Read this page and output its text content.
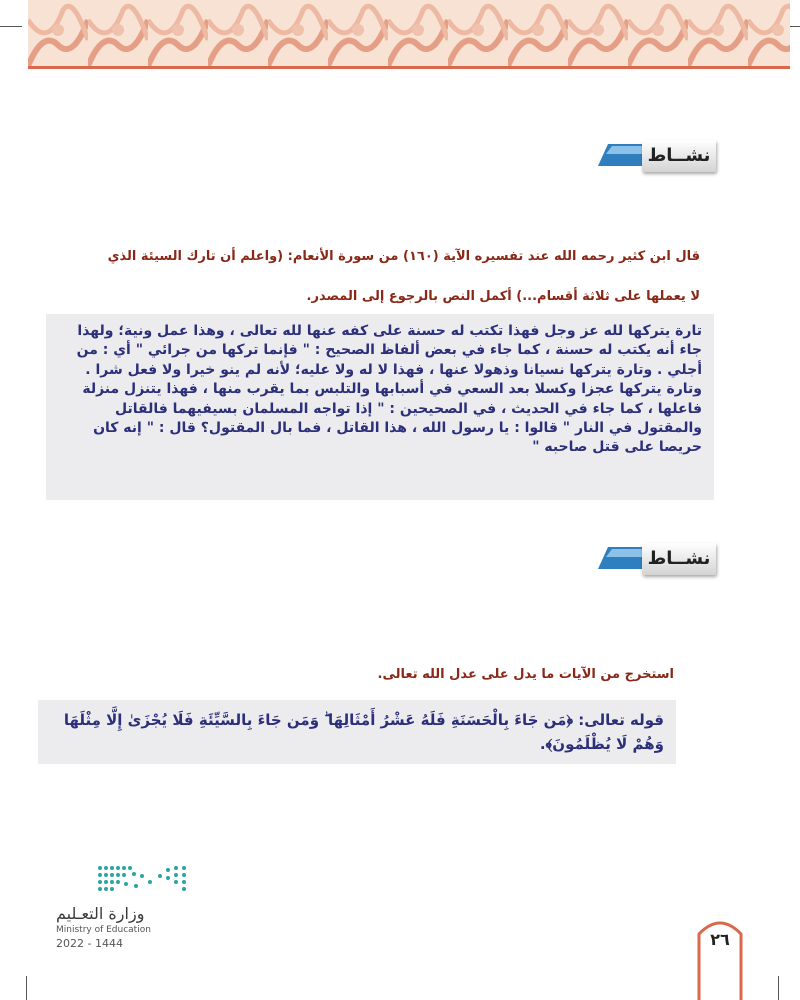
نشــاط
قال ابن كثير رحمه الله عند تفسيره الآية (١٦٠) من سورة الأنعام: (واعلم أن تارك السيئة الذي
لا يعملها على ثلاثة أقسام...) أكمل النص بالرجوع إلى المصدر.
تارة يتركها لله عز وجل فهذا تكتب له حسنة على كفه عنها لله تعالى ، وهذا عمل ونية؛ ولهذا جاء أنه يكتب له حسنة ، كما جاء في بعض ألفاظ الصحيح : " فإنما تركها من جرائي " أي : من أجلي . وتارة يتركها نسيانا وذهولا عنها ، فهذا لا له ولا عليه؛ لأنه لم ينو خيرا ولا فعل شرا . وتارة يتركها عجزا وكسلا بعد السعي في أسبابها والتلبس بما يقرب منها ، فهذا يتنزل منزلة فاعلها ، كما جاء في الحديث ، في الصحيحين : " إذا تواجه المسلمان بسيفيهما فالقاتل والمقتول في النار " قالوا : يا رسول الله ، هذا القاتل ، فما بال المقتول؟ قال : " إنه كان حريصا على قتل صاحبه "
نشــاط
استخرج من الآيات ما يدل على عدل الله تعالى.
قوله تعالى: ﴿مَن جَاءَ بِالْحَسَنَةِ فَلَهُ عَشْرُ أَمْثَالِهَا ۖ وَمَن جَاءَ بِالسَّيِّئَةِ فَلَا يُجْزَىٰ إِلَّا مِثْلَهَا وَهُمْ لَا يُظْلَمُونَ﴾.
وزارة التعـليم
Ministry of Education
2022 - 1444	٢٦
